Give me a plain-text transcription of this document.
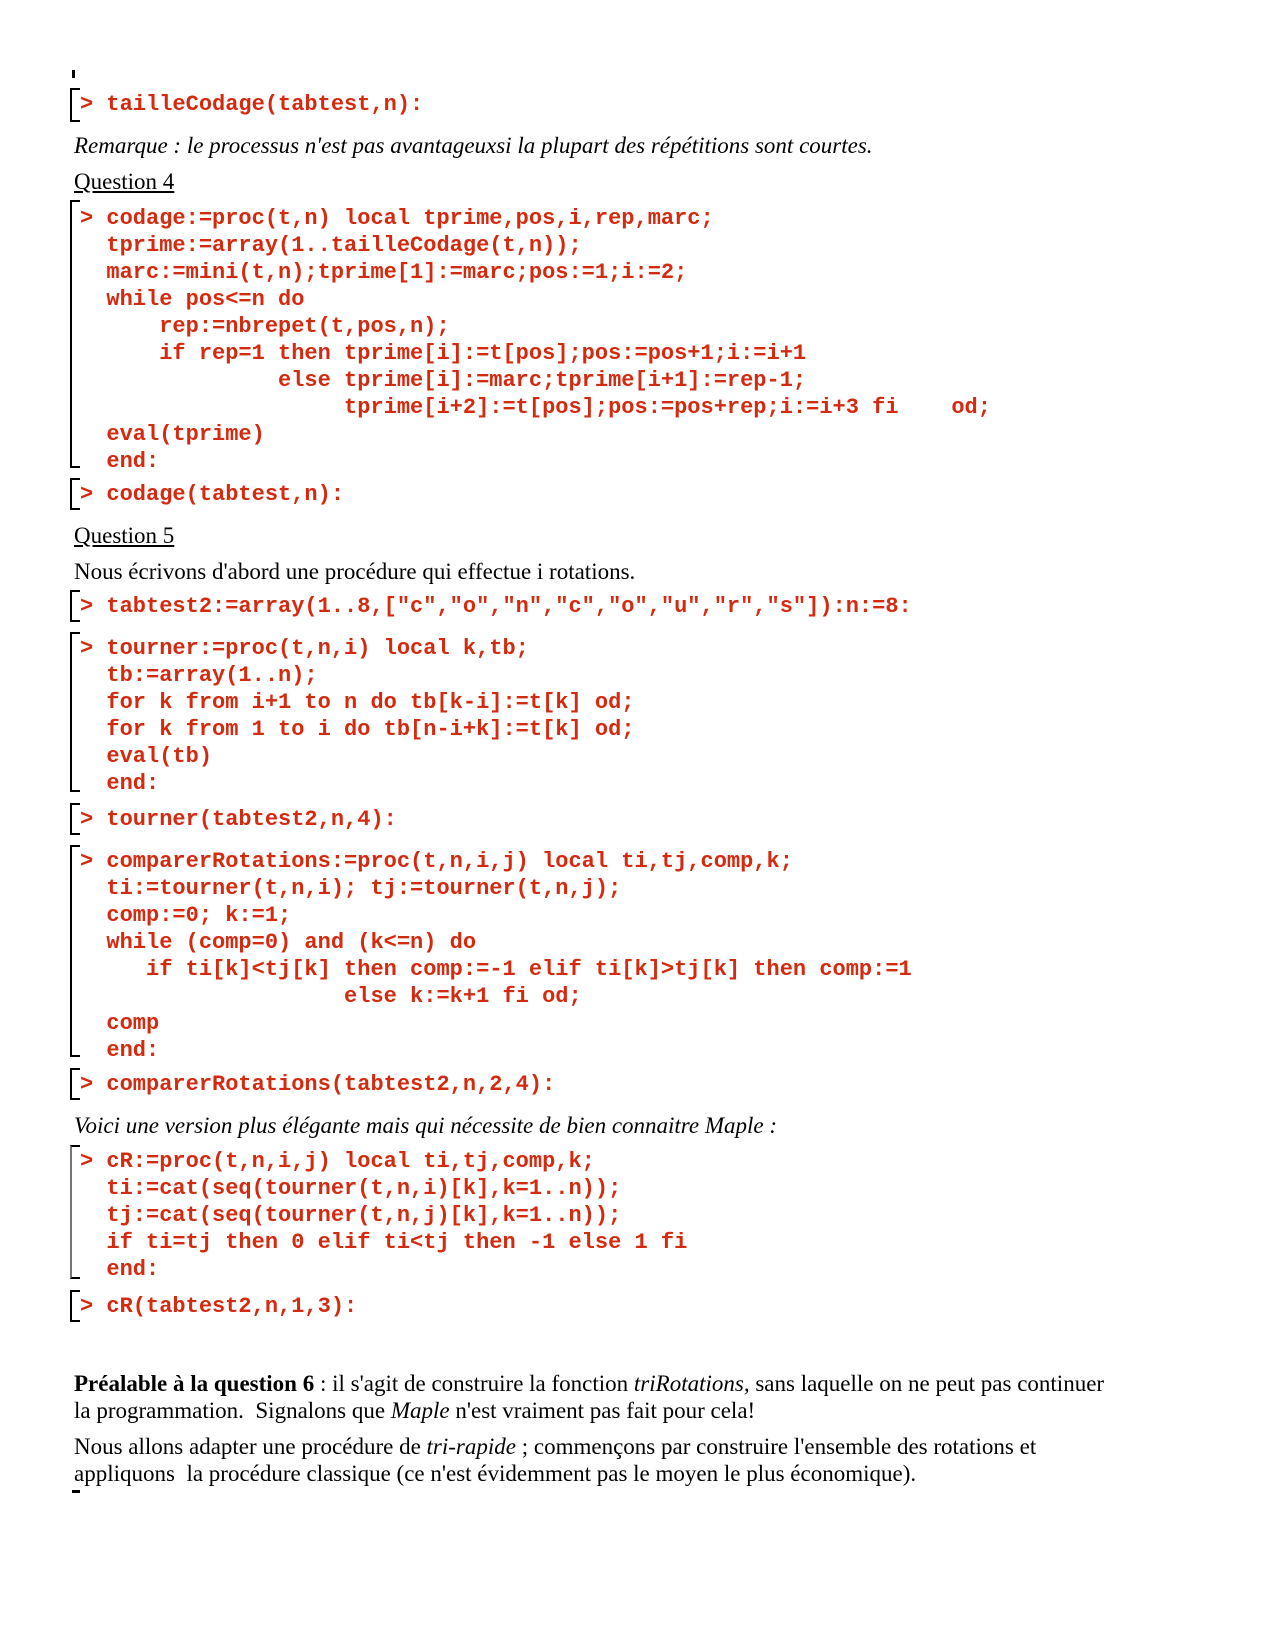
> tailleCodage(tabtest,n):
Remarque : le processus n'est pas avantageuxsi la plupart des répétitions sont courtes.
Question 4
> codage:=proc(t,n) local tprime,pos,i,rep,marc;
tprime:=array(1..tailleCodage(t,n));
marc:=mini(t,n);tprime[1]:=marc;pos:=1;i:=2;
while pos<=n do
rep:=nbrepet(t,pos,n);
if rep=1 then tprime[i]:=t[pos];pos:=pos+1;i:=i+1
else tprime[i]:=marc;tprime[i+1]:=rep-1;
tprime[i+2]:=t[pos];pos:=pos+rep;i:=i+3 fi    od;
eval(tprime)
end:
> codage(tabtest,n):
Question 5
Nous écrivons d'abord une procédure qui effectue i rotations.
> tabtest2:=array(1..8,["c","o","n","c","o","u","r","s"]):n:=8:
> tourner:=proc(t,n,i) local k,tb;
tb:=array(1..n);
for k from i+1 to n do tb[k-i]:=t[k] od;
for k from 1 to i do tb[n-i+k]:=t[k] od;
eval(tb)
end:
> tourner(tabtest2,n,4):
> comparerRotations:=proc(t,n,i,j) local ti,tj,comp,k;
ti:=tourner(t,n,i); tj:=tourner(t,n,j);
comp:=0; k:=1;
while (comp=0) and (k<=n) do
if ti[k]<tj[k] then comp:=-1 elif ti[k]>tj[k] then comp:=1
else k:=k+1 fi od;
comp
end:
> comparerRotations(tabtest2,n,2,4):
Voici une version plus élégante mais qui nécessite de bien connaitre Maple :
> cR:=proc(t,n,i,j) local ti,tj,comp,k;
ti:=cat(seq(tourner(t,n,i)[k],k=1..n));
tj:=cat(seq(tourner(t,n,j)[k],k=1..n));
if ti=tj then 0 elif ti<tj then -1 else 1 fi
end:
> cR(tabtest2,n,1,3):
Préalable à la question 6 : il s'agit de construire la fonction triRotations, sans laquelle on ne peut pas continuer
la programmation.  Signalons que Maple n'est vraiment pas fait pour cela!
Nous allons adapter une procédure de tri-rapide ; commençons par construire l'ensemble des rotations et
appliquons  la procédure classique (ce n'est évidemment pas le moyen le plus économique).
